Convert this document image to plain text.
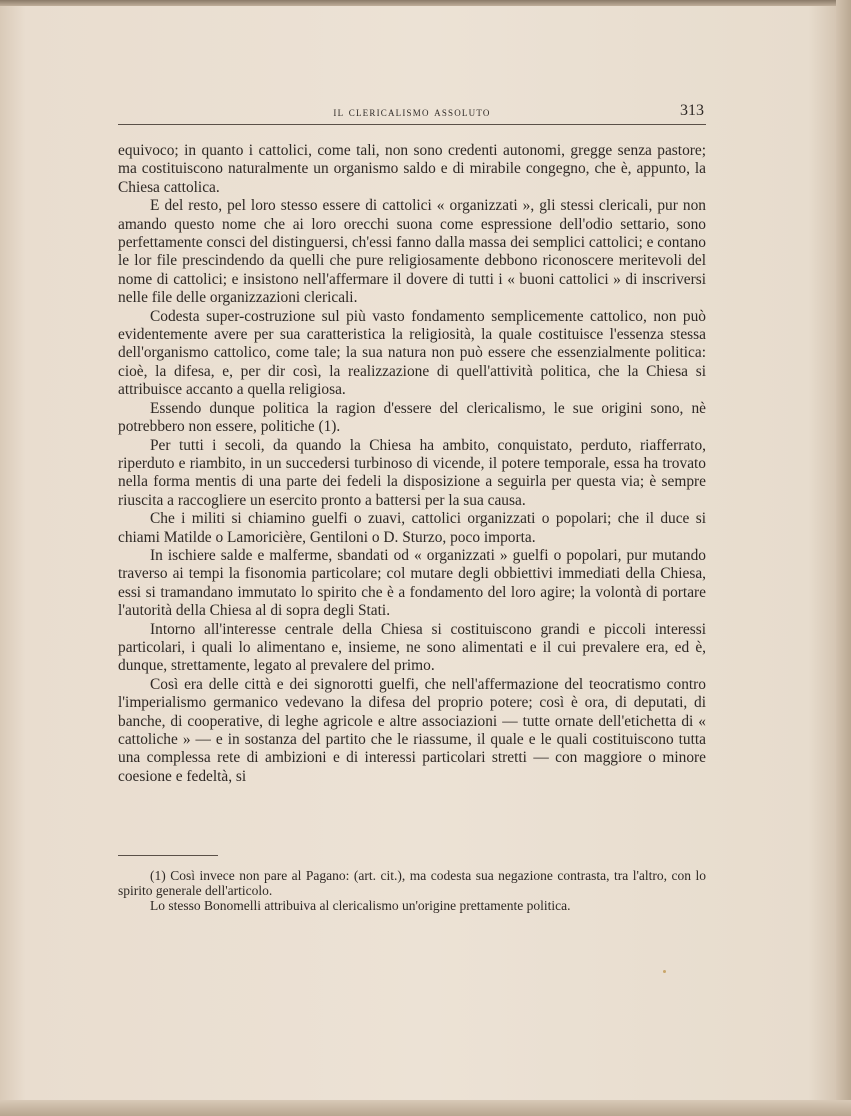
il clericalismo assoluto	313

equivoco; in quanto i cattolici, come tali, non sono credenti autonomi, gregge senza pastore; ma costituiscono naturalmente un organismo saldo e di mirabile congegno, che è, appunto, la Chiesa cattolica.

E del resto, pel loro stesso essere di cattolici « organizzati », gli stessi clericali, pur non amando questo nome che ai loro orecchi suona come espressione dell'odio settario, sono perfettamente consci del distinguersi, ch'essi fanno dalla massa dei semplici cattolici; e contano le lor file prescindendo da quelli che pure religiosamente debbono riconoscere meritevoli del nome di cattolici; e insistono nell'affermare il dovere di tutti i « buoni cattolici » di inscriversi nelle file delle organizzazioni clericali.

Codesta super-costruzione sul più vasto fondamento semplicemente cattolico, non può evidentemente avere per sua caratteristica la religiosità, la quale costituisce l'essenza stessa dell'organismo cattolico, come tale; la sua natura non può essere che essenzialmente politica: cioè, la difesa, e, per dir così, la realizzazione di quell'attività politica, che la Chiesa si attribuisce accanto a quella religiosa.

Essendo dunque politica la ragion d'essere del clericalismo, le sue origini sono, nè potrebbero non essere, politiche (1).

Per tutti i secoli, da quando la Chiesa ha ambito, conquistato, perduto, riafferrato, riperduto e riambito, in un succedersi turbinoso di vicende, il potere temporale, essa ha trovato nella forma mentis di una parte dei fedeli la disposizione a seguirla per questa via; è sempre riuscita a raccogliere un esercito pronto a battersi per la sua causa.

Che i militi si chiamino guelfi o zuavi, cattolici organizzati o popolari; che il duce si chiami Matilde o Lamoricière, Gentiloni o D. Sturzo, poco importa.

In ischiere salde e malferme, sbandati od « organizzati » guelfi o popolari, pur mutando traverso ai tempi la fisonomia particolare; col mutare degli obbiettivi immediati della Chiesa, essi si tramandano immutato lo spirito che è a fondamento del loro agire; la volontà di portare l'autorità della Chiesa al di sopra degli Stati.

Intorno all'interesse centrale della Chiesa si costituiscono grandi e piccoli interessi particolari, i quali lo alimentano e, insieme, ne sono alimentati e il cui prevalere era, ed è, dunque, strettamente, legato al prevalere del primo.

Così era delle città e dei signorotti guelfi, che nell'affermazione del teocratismo contro l'imperialismo germanico vedevano la difesa del proprio potere; così è ora, di deputati, di banche, di cooperative, di leghe agricole e altre associazioni — tutte ornate dell'etichetta di « cattoliche » — e in sostanza del partito che le riassume, il quale e le quali costituiscono tutta una complessa rete di ambizioni e di interessi particolari stretti — con maggiore o minore coesione e fedeltà, si

(1) Così invece non pare al Pagano: (art. cit.), ma codesta sua negazione contrasta, tra l'altro, con lo spirito generale dell'articolo.

Lo stesso Bonomelli attribuiva al clericalismo un'origine prettamente politica.
